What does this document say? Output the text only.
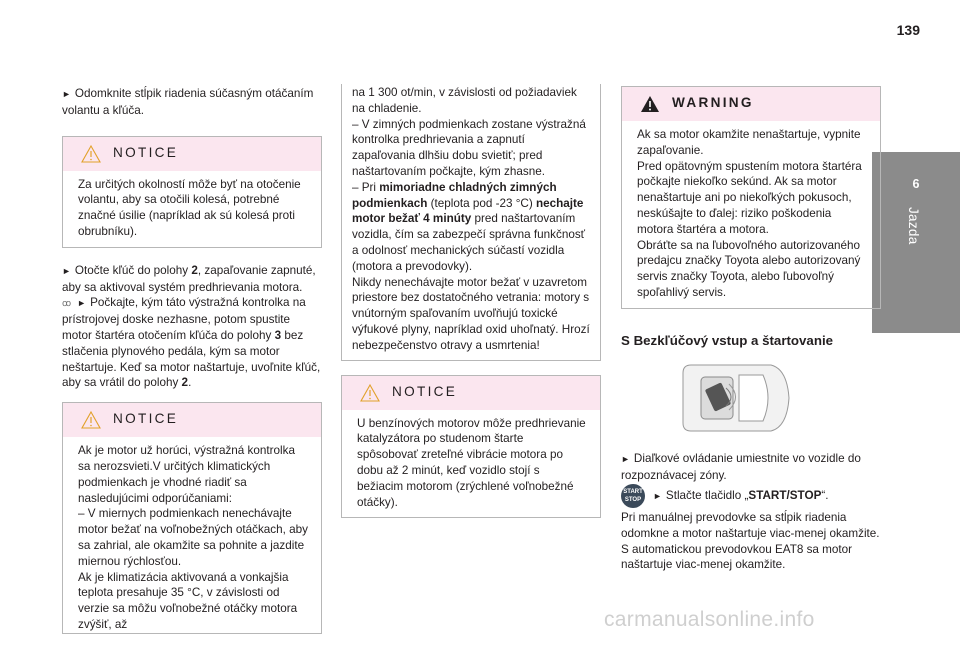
139
6
Jazda

► Odomknite stĺpik riadenia súčasným otáčaním volantu a kľúča.

NOTICE

Za určitých okolností môže byť na otočenie volantu, aby sa otočili kolesá, potrebné značné úsilie (napríklad ak sú kolesá proti obrubníku).

► Otočte kľúč do polohy 2, zapaľovanie zapnuté, aby sa aktivoval systém predhrievania motora.

ꝏ ► Počkajte, kým táto výstražná kontrolka na prístrojovej doske nezhasne, potom spustite motor štartéra otočením kľúča do polohy 3 bez stlačenia plynového pedála, kým sa motor neštartuje. Keď sa motor naštartuje, uvoľnite kľúč, aby sa vrátil do polohy 2.

NOTICE

Ak je motor už horúci, výstražná kontrolka sa nerozsvieti.V určitých klimatických podmienkach je vhodné riadiť sa nasledujúcimi odporúčaniami:
– V miernych podmienkach nenechávajte motor bežať na voľnobežných otáčkach, aby sa zahrial, ale okamžite sa pohnite a jazdite miernou rýchlosťou.
Ak je klimatizácia aktivovaná a vonkajšia teplota presahuje 35 °C, v závislosti od verzie sa môžu voľnobežné otáčky motora zvýšiť, až

na 1 300 ot/min, v závislosti od požiadaviek na chladenie.
– V zimných podmienkach zostane výstražná kontrolka predhrievania a zapnutí zapaľovania dlhšiu dobu svietiť; pred naštartovaním počkajte, kým zhasne.
– Pri mimoriadne chladných zimných podmienkach (teplota pod -23 °C) nechajte motor bežať 4 minúty pred naštartovaním vozidla, čím sa zabezpečí správna funkčnosť a odolnosť mechanických súčastí vozidla (motora a prevodovky).
Nikdy nenechávajte motor bežať v uzavretom priestore bez dostatočného vetrania: motory s vnútorným spaľovaním uvoľňujú toxické výfukové plyny, napríklad oxid uhoľnatý. Hrozí nebezpečenstvo otravy a usmrtenia!

NOTICE

U benzínových motorov môže predhrievanie katalyzátora po studenom štarte spôsobovať zreteľné vibrácie motora po dobu až 2 minút, keď vozidlo stojí s bežiacim motorom (zrýchlené voľnobežné otáčky).

WARNING

Ak sa motor okamžite nenaštartuje, vypnite zapaľovanie.
Pred opätovným spustením motora štartéra počkajte niekoľko sekúnd. Ak sa motor nenaštartuje ani po niekoľkých pokusoch, neskúšajte to ďalej: riziko poškodenia motora štartéra a motora.
Obráťte sa na ľubovoľného autorizovaného predajcu značky Toyota alebo autorizovaný servis značky Toyota, alebo ľubovoľný spoľahlivý servis.

S Bezkľúčový vstup a štartovanie

► Diaľkové ovládanie umiestnite vo vozidle do rozpoznávacej zóny.

START
STOP ► Stlačte tlačidlo „START/STOP“.

Pri manuálnej prevodovke sa stĺpik riadenia odomkne a motor naštartuje viac-menej okamžite.
S automatickou prevodovkou EAT8 sa motor naštartuje viac-menej okamžite.

carmanualsonline.info
